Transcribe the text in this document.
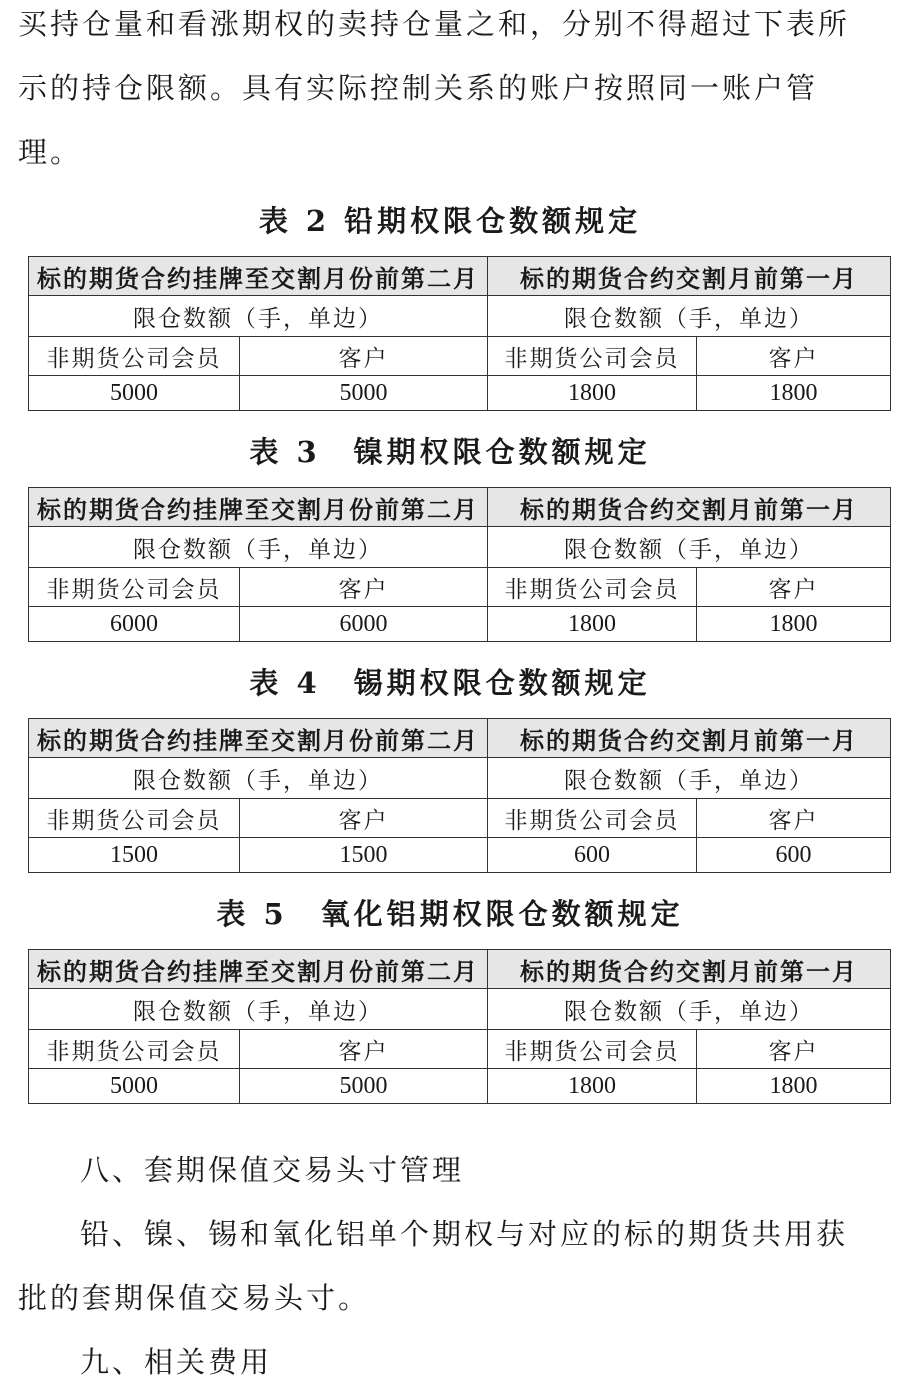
买持仓量和看涨期权的卖持仓量之和，分别不得超过下表所

示的持仓限额。具有实际控制关系的账户按照同一账户管

理。

表 2 铅期权限仓数额规定

标的期货合约挂牌至交割月份前第二月		标的期货合约交割月前第一月	
限仓数额（手，单边）		限仓数额（手，单边）	
非期货公司会员	客户	非期货公司会员	客户
5000	5000	1800	1800

表 3　镍期权限仓数额规定

标的期货合约挂牌至交割月份前第二月		标的期货合约交割月前第一月	
限仓数额（手，单边）		限仓数额（手，单边）	
非期货公司会员	客户	非期货公司会员	客户
6000	6000	1800	1800

表 4　锡期权限仓数额规定

标的期货合约挂牌至交割月份前第二月		标的期货合约交割月前第一月	
限仓数额（手，单边）		限仓数额（手，单边）	
非期货公司会员	客户	非期货公司会员	客户
1500	1500	600	600

表 5　氧化铝期权限仓数额规定

标的期货合约挂牌至交割月份前第二月		标的期货合约交割月前第一月	
限仓数额（手，单边）		限仓数额（手，单边）	
非期货公司会员	客户	非期货公司会员	客户
5000	5000	1800	1800

八、套期保值交易头寸管理

铅、镍、锡和氧化铝单个期权与对应的标的期货共用获

批的套期保值交易头寸。

九、相关费用
